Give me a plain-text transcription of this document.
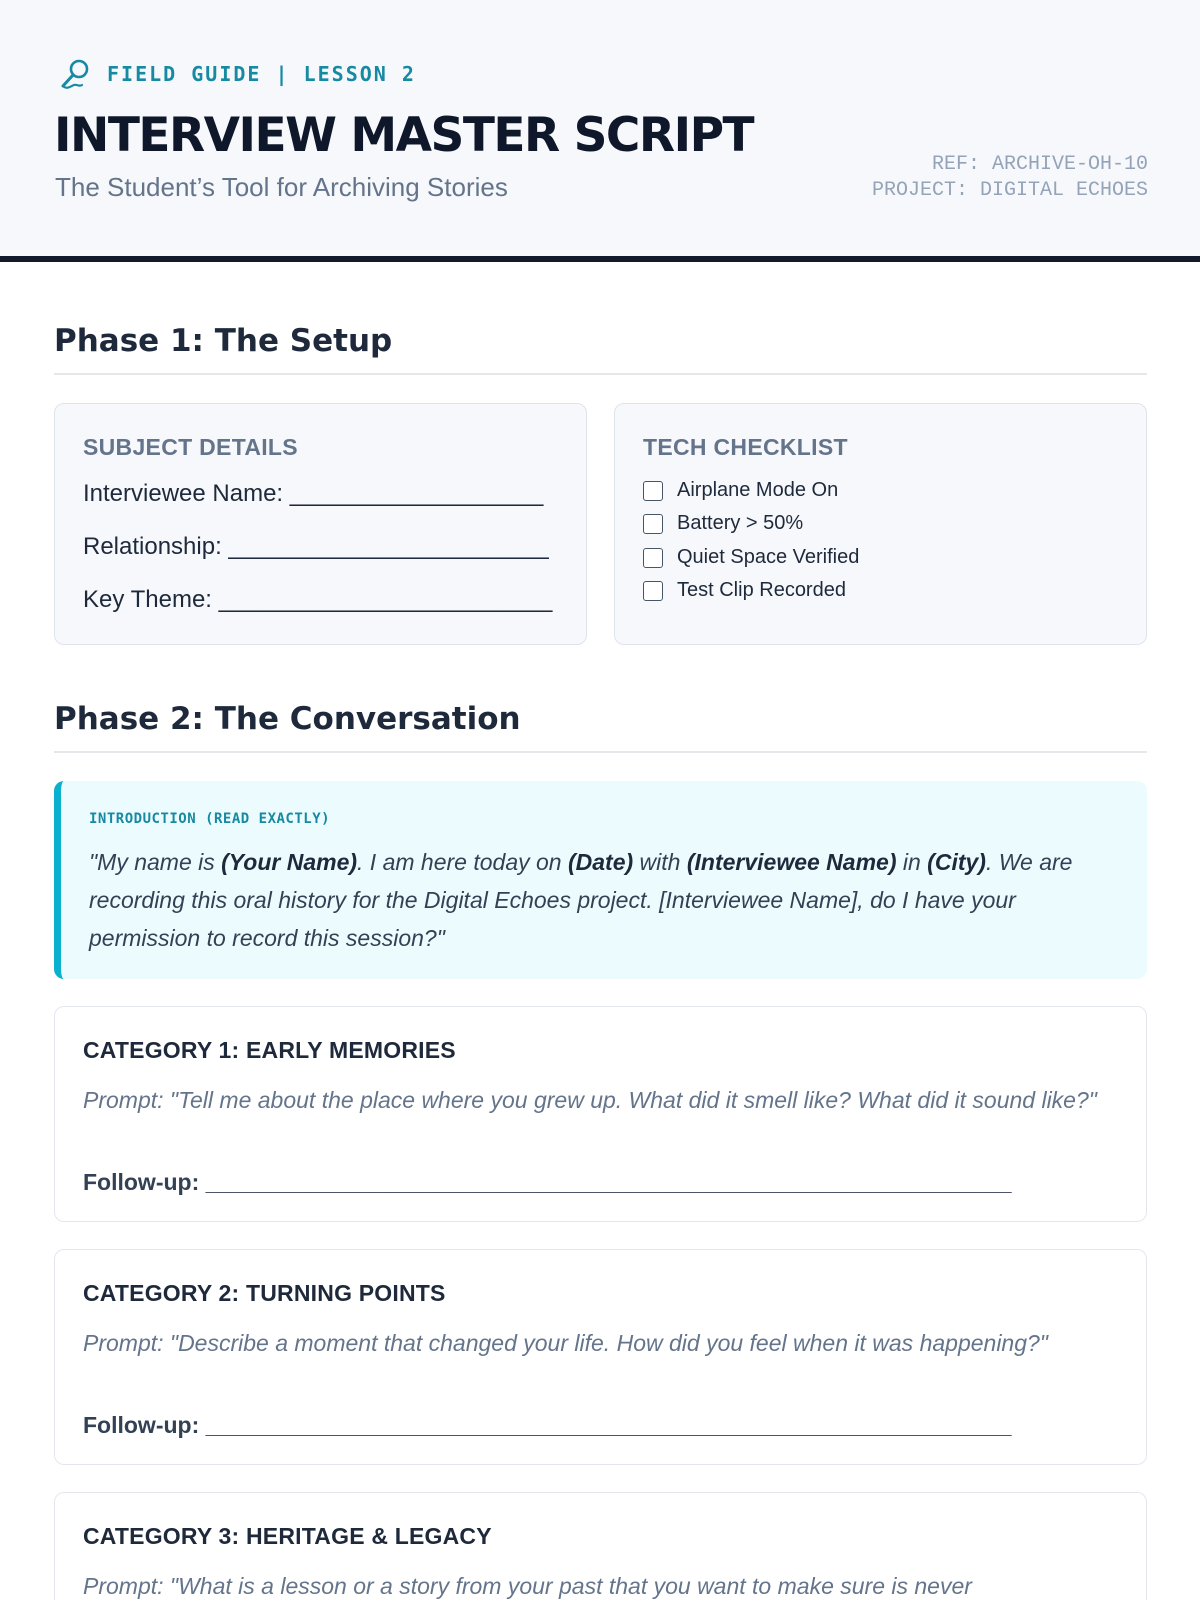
FIELD GUIDE | LESSON 2
INTERVIEW MASTER SCRIPT
The Student’s Tool for Archiving Stories
REF: ARCHIVE-OH-10
PROJECT: DIGITAL ECHOES
Phase 1: The Setup
SUBJECT DETAILS
Interviewee Name: ___________________
Relationship: ________________________
Key Theme: _________________________
TECH CHECKLIST
Airplane Mode On
Battery > 50%
Quiet Space Verified
Test Clip Recorded
Phase 2: The Conversation
INTRODUCTION (READ EXACTLY)
"My name is (Your Name). I am here today on (Date) with (Interviewee Name) in (City). We are recording this oral history for the Digital Echoes project. [Interviewee Name], do I have your permission to record this session?"
CATEGORY 1: EARLY MEMORIES
Prompt: "Tell me about the place where you grew up. What did it smell like? What did it sound like?"
Follow-up: _______________________________________________________________
CATEGORY 2: TURNING POINTS
Prompt: "Describe a moment that changed your life. How did you feel when it was happening?"
Follow-up: _______________________________________________________________
CATEGORY 3: HERITAGE & LEGACY
Prompt: "What is a lesson or a story from your past that you want to make sure is never
